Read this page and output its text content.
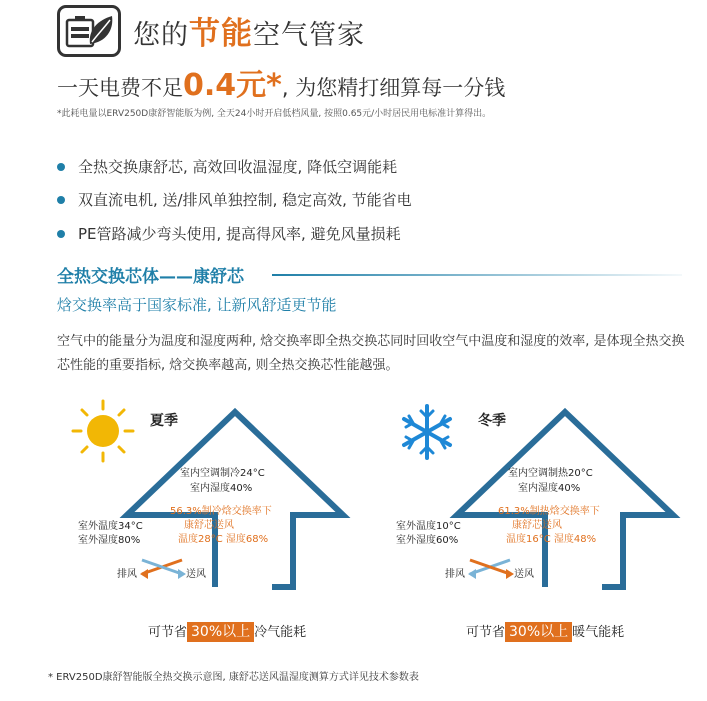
您的节能空气管家
一天电费不足0.4元*, 为您精打细算每一分钱
*此耗电量以ERV250D康舒智能版为例, 全天24小时开启低档风量, 按照0.65元/小时居民用电标准计算得出。
全热交换康舒芯, 高效回收温湿度, 降低空调能耗
双直流电机, 送/排风单独控制, 稳定高效, 节能省电
PE管路减少弯头使用, 提高得风率, 避免风量损耗
全热交换芯体——康舒芯
焓交换率高于国家标准, 让新风舒适更节能
空气中的能量分为温度和湿度两种, 焓交换率即全热交换芯同时回收空气中温度和湿度的效率, 是体现全热交换芯性能的重要指标, 焓交换率越高, 则全热交换芯性能越强。
夏季
室内空调制冷24°C
室内湿度40%
56.3%制冷焓交换率下
康舒芯送风
温度28°C 湿度68%
室外温度34°C
室外湿度80%
排风	送风
可节省 30%以上 冷气能耗
冬季
室内空调制热20°C
室内湿度40%
61.3%制热焓交换率下
康舒芯送风
温度16°C 湿度48%
室外温度10°C
室外湿度60%
排风	送风
可节省 30%以上 暖气能耗
* ERV250D康舒智能版全热交换示意图, 康舒芯送风温湿度测算方式详见技术参数表
